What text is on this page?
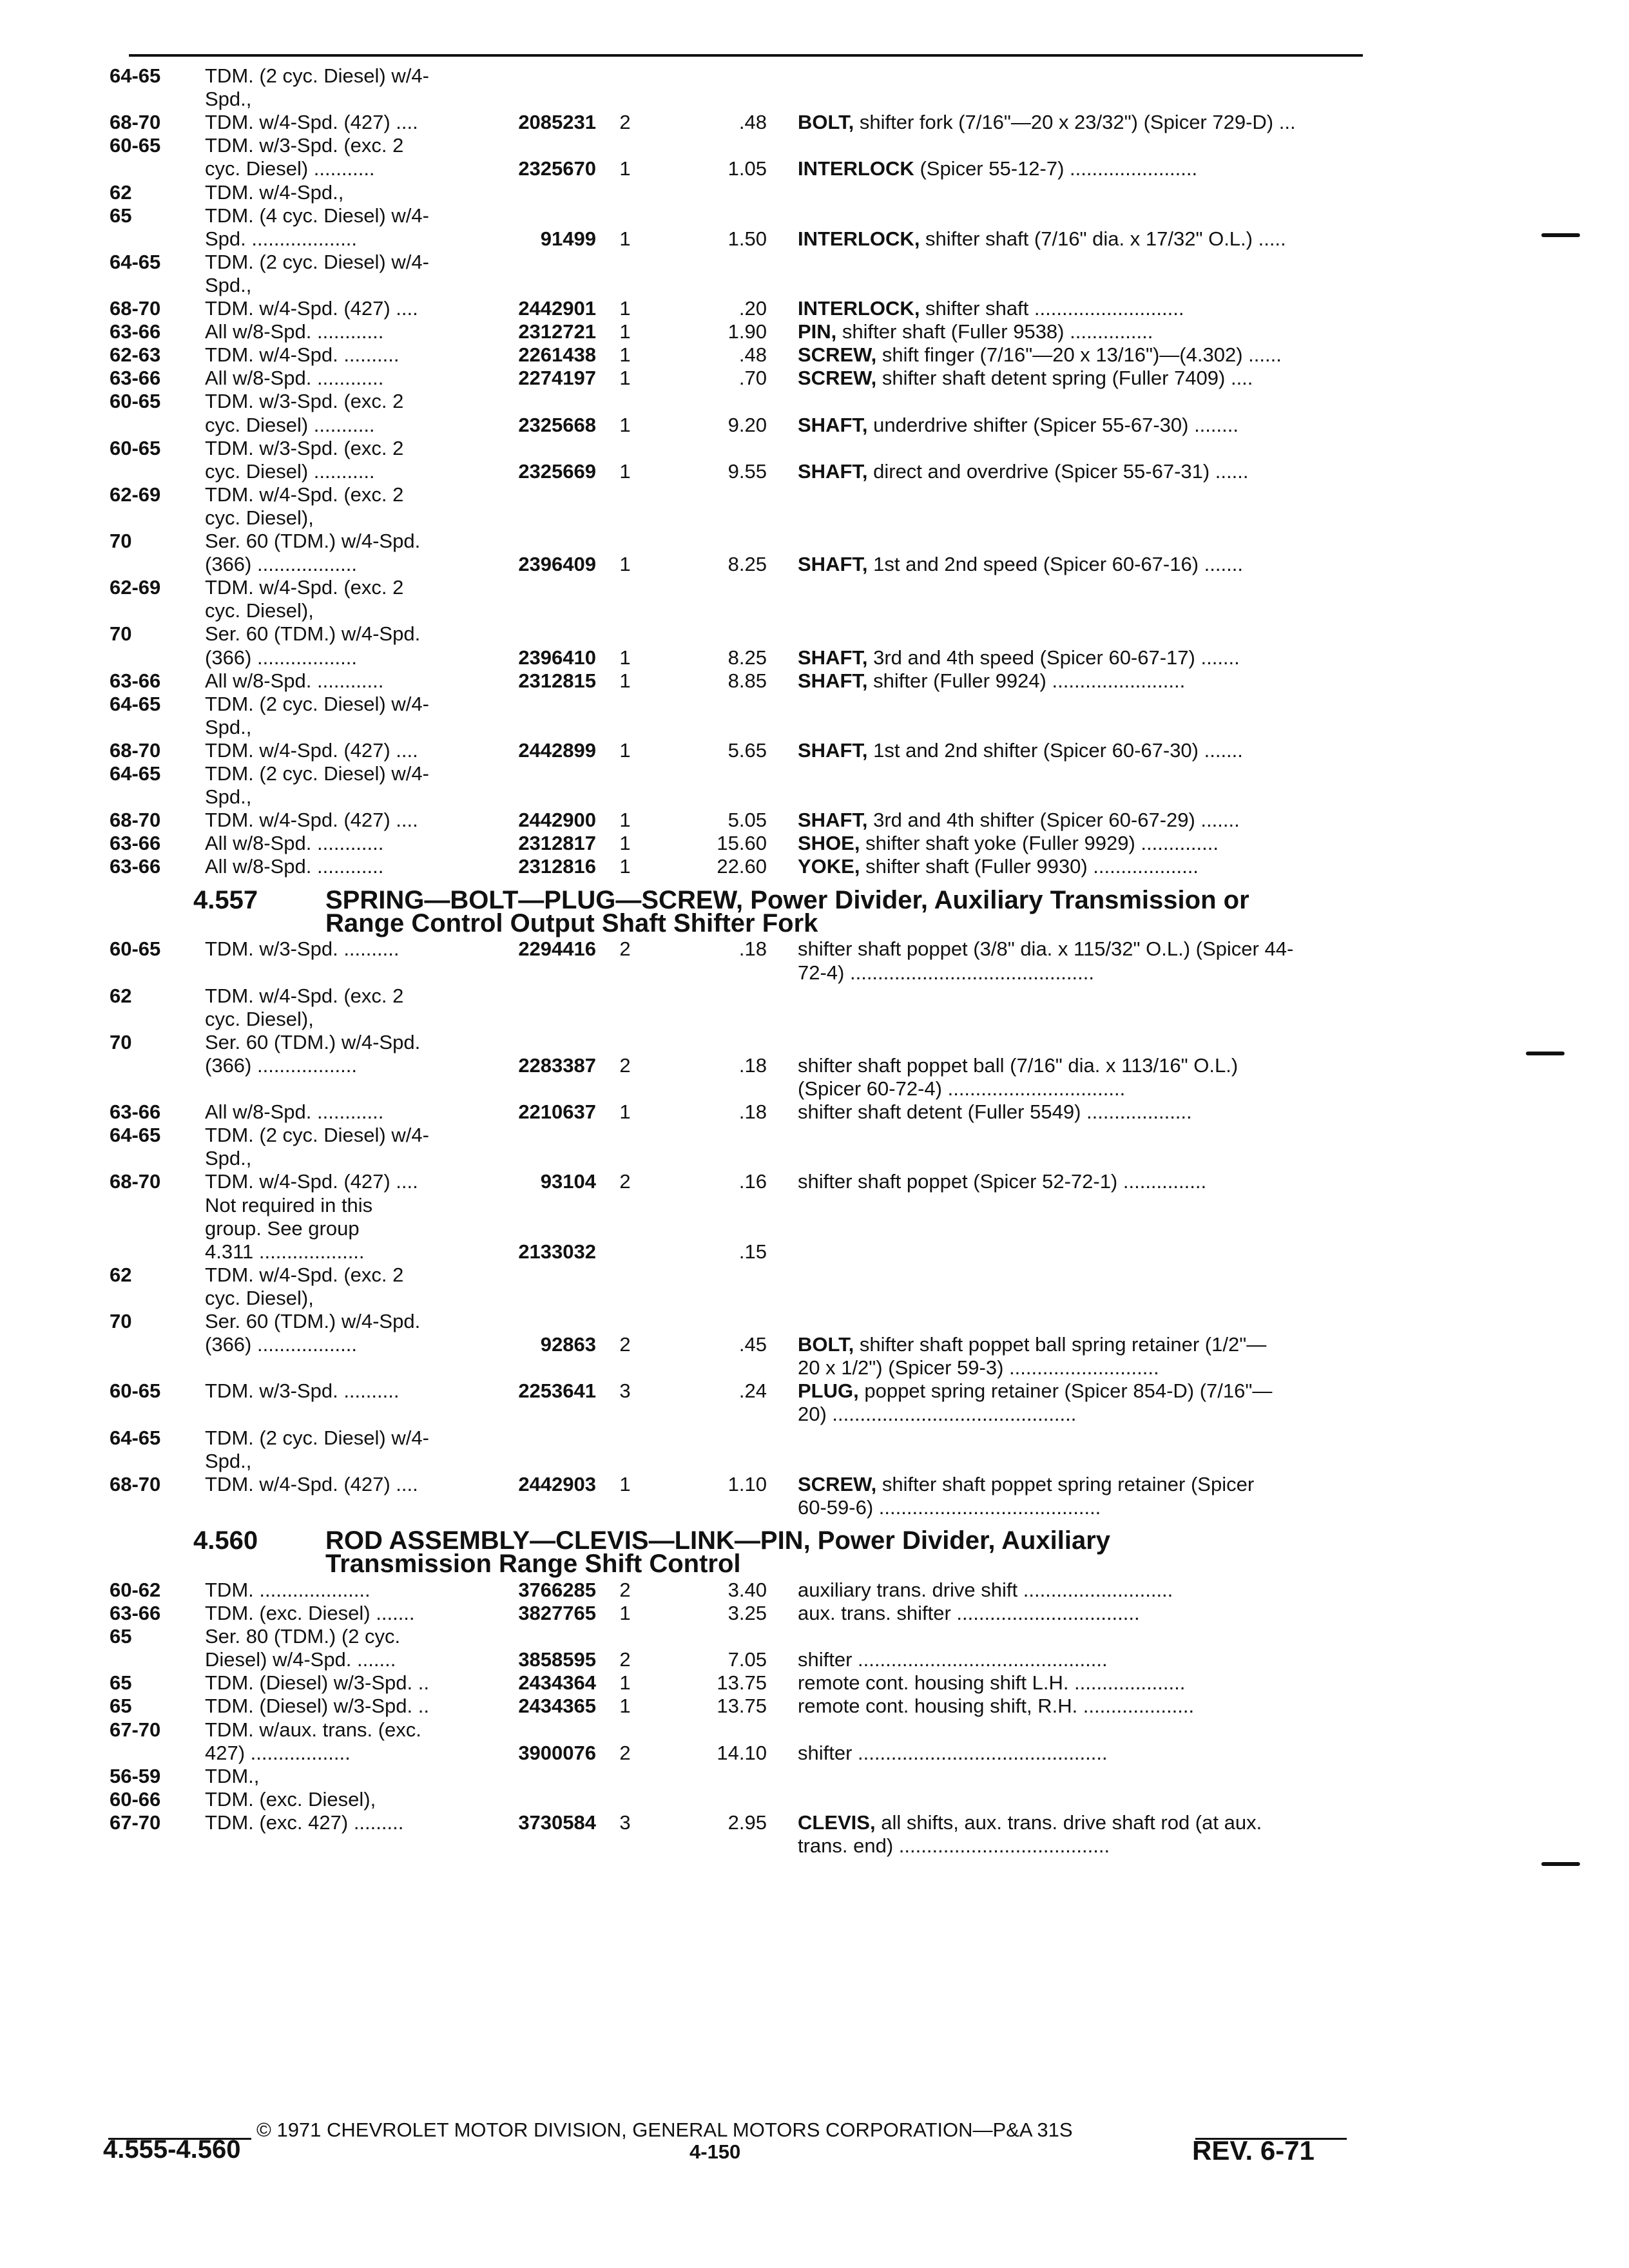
64-65	TDM. (2 cyc. Diesel) w/4-
Spd.,
68-70	TDM. w/4-Spd. (427) ....	2085231	2	.48 BOLT, shifter fork (7/16"—20 x 23/32") (Spicer 729-D) ...
60-65	TDM. w/3-Spd. (exc. 2
cyc. Diesel) ...........	2325670	1	1.05 INTERLOCK (Spicer 55-12-7) .......................
62	TDM. w/4-Spd.,
65	TDM. (4 cyc. Diesel) w/4-
Spd. ...................	91499	1	1.50 INTERLOCK, shifter shaft (7/16" dia. x 17/32" O.L.) .....
64-65	TDM. (2 cyc. Diesel) w/4-
Spd.,
68-70	TDM. w/4-Spd. (427) ....	2442901	1	.20 INTERLOCK, shifter shaft ...........................
63-66	All w/8-Spd. ............	2312721	1	1.90 PIN, shifter shaft (Fuller 9538) ...............
62-63	TDM. w/4-Spd. ..........	2261438	1	.48 SCREW, shift finger (7/16"—20 x 13/16")—(4.302) ......
63-66	All w/8-Spd. ............	2274197	1	.70 SCREW, shifter shaft detent spring (Fuller 7409) ....
60-65	TDM. w/3-Spd. (exc. 2
cyc. Diesel) ...........	2325668	1	9.20 SHAFT, underdrive shifter (Spicer 55-67-30) ........
60-65	TDM. w/3-Spd. (exc. 2
cyc. Diesel) ...........	2325669	1	9.55 SHAFT, direct and overdrive (Spicer 55-67-31) ......
62-69	TDM. w/4-Spd. (exc. 2
cyc. Diesel),
70	Ser. 60 (TDM.) w/4-Spd.
(366) ..................	2396409	1	8.25 SHAFT, 1st and 2nd speed (Spicer 60-67-16) .......
62-69	TDM. w/4-Spd. (exc. 2
cyc. Diesel),
70	Ser. 60 (TDM.) w/4-Spd.
(366) ..................	2396410	1	8.25 SHAFT, 3rd and 4th speed (Spicer 60-67-17) .......
63-66	All w/8-Spd. ............	2312815	1	8.85 SHAFT, shifter (Fuller 9924) ........................
64-65	TDM. (2 cyc. Diesel) w/4-
Spd.,
68-70	TDM. w/4-Spd. (427) ....	2442899	1	5.65 SHAFT, 1st and 2nd shifter (Spicer 60-67-30) .......
64-65	TDM. (2 cyc. Diesel) w/4-
Spd.,
68-70	TDM. w/4-Spd. (427) ....	2442900	1	5.05 SHAFT, 3rd and 4th shifter (Spicer 60-67-29) .......
63-66	All w/8-Spd. ............	2312817	1	15.60 SHOE, shifter shaft yoke (Fuller 9929) ..............
63-66	All w/8-Spd. ............	2312816	1	22.60 YOKE, shifter shaft (Fuller 9930) ...................
4.557	SPRING—BOLT—PLUG—SCREW, Power Divider, Auxiliary Transmission or
Range Control Output Shaft Shifter Fork
60-65	TDM. w/3-Spd. ..........	2294416	2	.18 shifter shaft poppet (3/8" dia. x 115/32" O.L.) (Spicer 44-
72-4) ............................................
62	TDM. w/4-Spd. (exc. 2
cyc. Diesel),
70	Ser. 60 (TDM.) w/4-Spd.
(366) ..................	2283387	2	.18 shifter shaft poppet ball (7/16" dia. x 113/16" O.L.)
(Spicer 60-72-4) ................................
63-66	All w/8-Spd. ............	2210637	1	.18 shifter shaft detent (Fuller 5549) ...................
64-65	TDM. (2 cyc. Diesel) w/4-
Spd.,
68-70	TDM. w/4-Spd. (427) ....	93104	2	.16 shifter shaft poppet (Spicer 52-72-1) ...............
Not required in this
group. See group
4.311 ...................	2133032	.15
62	TDM. w/4-Spd. (exc. 2
cyc. Diesel),
70	Ser. 60 (TDM.) w/4-Spd.
(366) ..................	92863	2	.45 BOLT, shifter shaft poppet ball spring retainer (1/2"—
20 x 1/2") (Spicer 59-3) ...........................
60-65	TDM. w/3-Spd. ..........	2253641	3	.24 PLUG, poppet spring retainer (Spicer 854-D) (7/16"—
20) ............................................
64-65	TDM. (2 cyc. Diesel) w/4-
Spd.,
68-70	TDM. w/4-Spd. (427) ....	2442903	1	1.10 SCREW, shifter shaft poppet spring retainer (Spicer
60-59-6) ........................................
4.560	ROD ASSEMBLY—CLEVIS—LINK—PIN, Power Divider, Auxiliary
Transmission Range Shift Control
60-62	TDM. ....................	3766285	2	3.40 auxiliary trans. drive shift ...........................
63-66	TDM. (exc. Diesel) .......	3827765	1	3.25 aux. trans. shifter .................................
65	Ser. 80 (TDM.) (2 cyc.
Diesel) w/4-Spd. .......	3858595	2	7.05 shifter .............................................
65	TDM. (Diesel) w/3-Spd. ..	2434364	1	13.75 remote cont. housing shift L.H. ....................
65	TDM. (Diesel) w/3-Spd. ..	2434365	1	13.75 remote cont. housing shift, R.H. ....................
67-70	TDM. w/aux. trans. (exc.
427) ..................	3900076	2	14.10 shifter .............................................
56-59	TDM.,
60-66	TDM. (exc. Diesel),
67-70	TDM. (exc. 427) .........	3730584	3	2.95 CLEVIS, all shifts, aux. trans. drive shaft rod (at aux.
trans. end) ......................................
© 1971 CHEVROLET MOTOR DIVISION, GENERAL MOTORS CORPORATION—P&A 31S
4.555-4.560	4-150	REV. 6-71
